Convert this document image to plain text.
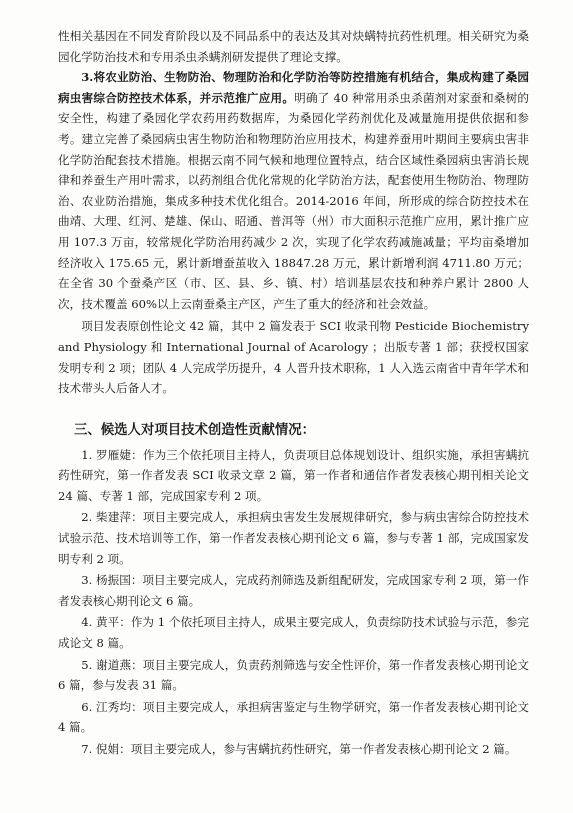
性相关基因在不同发育阶段以及不同品系中的表达及其对炔螨特抗药性机理。相关研究为桑园化学防治技术和专用杀虫杀螨剂研发提供了理论支撑。

3.将农业防治、生物防治、物理防治和化学防治等防控措施有机结合，集成构建了桑园病虫害综合防控技术体系，并示范推广应用。明确了 40 种常用杀虫杀菌剂对家蚕和桑树的安全性，构建了桑园化学农药用药数据库，为桑园化学药剂优化及减量施用提供依据和参考。建立完善了桑园病虫害生物防治和物理防治应用技术，构建养蚕用叶期间主要病虫害非化学防治配套技术措施。根据云南不同气候和地理位置特点，结合区域性桑园病虫害消长规律和养蚕生产用叶需求，以药剂组合优化常规的化学防治方法，配套使用生物防治、物理防治、农业防治措施，集成多种技术优化组合。2014-2016 年间，所形成的综合防控技术在曲靖、大理、红河、楚雄、保山、昭通、普洱等（州）市大面积示范推广应用，累计推广应用 107.3 万亩，较常规化学防治用药减少 2 次，实现了化学农药减施减量；平均亩桑增加经济收入 175.65 元，累计新增蚕茧收入 18847.28 万元，累计新增利润 4711.80 万元；在全省 30 个蚕桑产区（市、区、县、乡、镇、村）培训基层农技和种养户累计 2800 人次，技术覆盖 60%以上云南蚕桑主产区，产生了重大的经济和社会效益。

项目发表原创性论文 42 篇，其中 2 篇发表于 SCI 收录刊物 Pesticide Biochemistry and Physiology 和 International Journal of Acarology ；出版专著 1 部；获授权国家发明专利 2 项；团队 4 人完成学历提升，4 人晋升技术职称，1 人入选云南省中青年学术和技术带头人后备人才。

三、候选人对项目技术创造性贡献情况：

1. 罗雁婕：作为三个依托项目主持人，负责项目总体规划设计、组织实施，承担害螨抗药性研究，第一作者发表 SCI 收录文章 2 篇，第一作者和通信作者发表核心期刊相关论文 24 篇、专著 1 部，完成国家专利 2 项。

2. 柴建萍：项目主要完成人，承担病虫害发生发展规律研究，参与病虫害综合防控技术试验示范、技术培训等工作，第一作者发表核心期刊论文 6 篇，参与专著 1 部，完成国家发明专利 2 项。

3. 杨振国：项目主要完成人，完成药剂筛选及新组配研发，完成国家专利 2 项，第一作者发表核心期刊论文 6 篇。

4. 黄平：作为 1 个依托项目主持人，成果主要完成人，负责综防技术试验与示范，参完成论文 8 篇。

5. 谢道燕：项目主要完成人，负责药剂筛选与安全性评价，第一作者发表核心期刊论文 6 篇，参与发表 31 篇。

6. 江秀均：项目主要完成人，承担病害鉴定与生物学研究，第一作者发表核心期刊论文 4 篇。

7. 倪娟：项目主要完成人，参与害螨抗药性研究，第一作者发表核心期刊论文 2 篇。
